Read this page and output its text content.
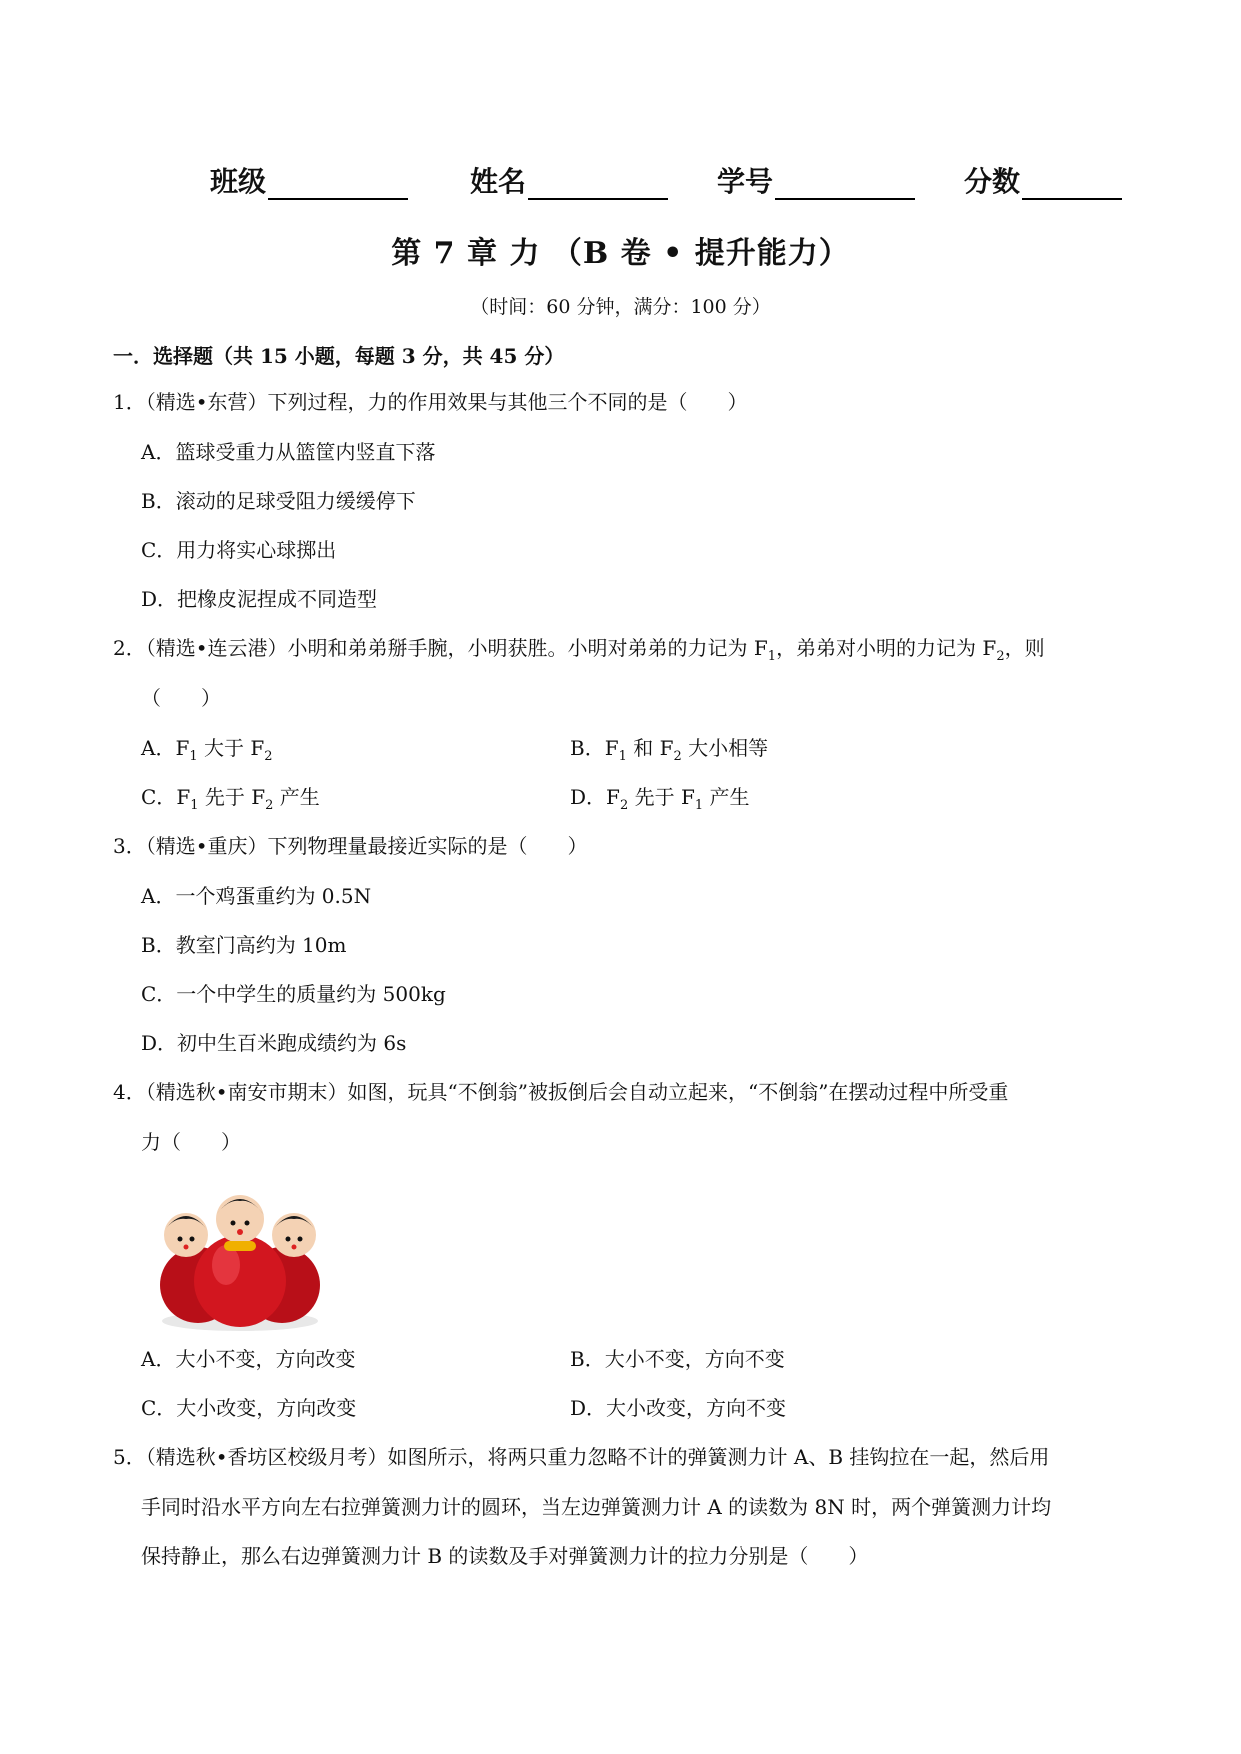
班级	姓名	学号	分数
第 7 章 力 （B 卷 • 提升能力）
（时间：60 分钟，满分：100 分）
一．选择题（共 15 小题，每题 3 分，共 45 分）
1．（精选•东营）下列过程，力的作用效果与其他三个不同的是（　　）
A．篮球受重力从篮筐内竖直下落
B．滚动的足球受阻力缓缓停下
C．用力将实心球掷出
D．把橡皮泥捏成不同造型
2．（精选•连云港）小明和弟弟掰手腕，小明获胜。小明对弟弟的力记为 $F_1$，弟弟对小明的力记为 $F_2$，则
（　　）
A．$F_1$ 大于 $F_2$	B．$F_1$ 和 $F_2$ 大小相等
C．$F_1$ 先于 $F_2$ 产生	D．$F_2$ 先于 $F_1$ 产生
3．（精选•重庆）下列物理量最接近实际的是（　　）
A．一个鸡蛋重约为 0.5N
B．教室门高约为 10m
C．一个中学生的质量约为 500kg
D．初中生百米跑成绩约为 6s
4．（精选秋•南安市期末）如图，玩具“不倒翁”被扳倒后会自动立起来，“不倒翁”在摆动过程中所受重
力（　　）
A．大小不变，方向改变	B．大小不变，方向不变
C．大小改变，方向改变	D．大小改变，方向不变
5．（精选秋•香坊区校级月考）如图所示，将两只重力忽略不计的弹簧测力计 A、B 挂钩拉在一起，然后用
手同时沿水平方向左右拉弹簧测力计的圆环，当左边弹簧测力计 A 的读数为 8N 时，两个弹簧测力计均
保持静止，那么右边弹簧测力计 B 的读数及手对弹簧测力计的拉力分别是（　　）
